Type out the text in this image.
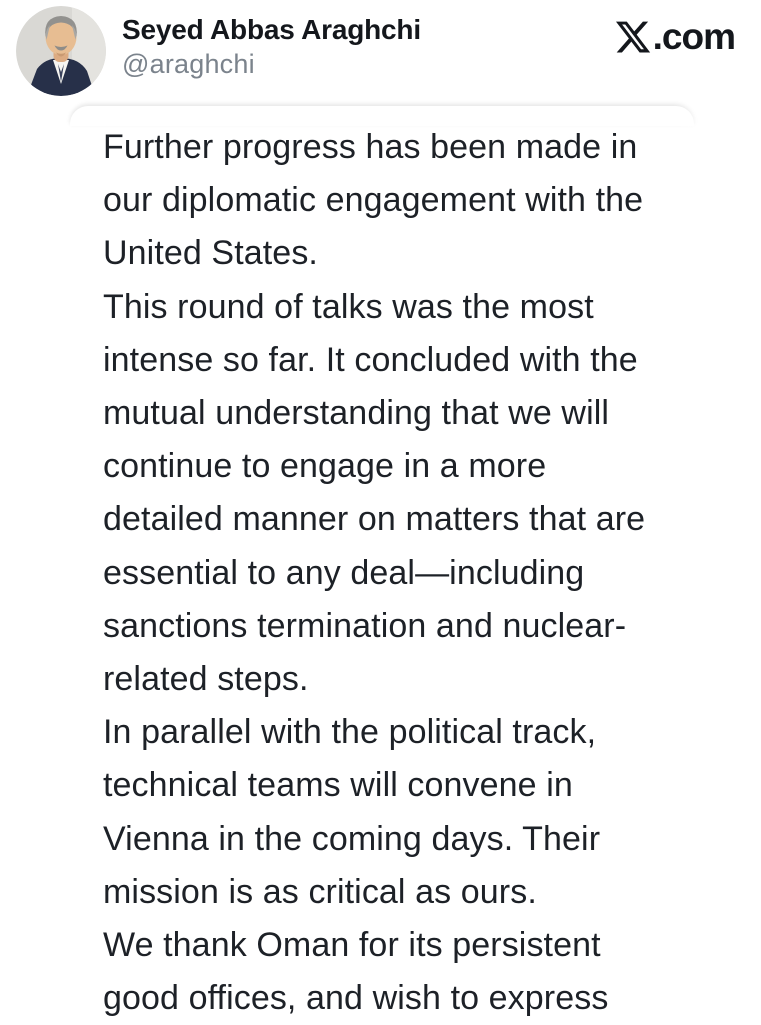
Seyed Abbas Araghchi
@araghchi
.com
Further progress has been made in
our diplomatic engagement with the
United States.
This round of talks was the most
intense so far. It concluded with the
mutual understanding that we will
continue to engage in a more
detailed manner on matters that are
essential to any deal—including
sanctions termination and nuclear-
related steps.
In parallel with the political track,
technical teams will convene in
Vienna in the coming days. Their
mission is as critical as ours.
We thank Oman for its persistent
good offices, and wish to express
